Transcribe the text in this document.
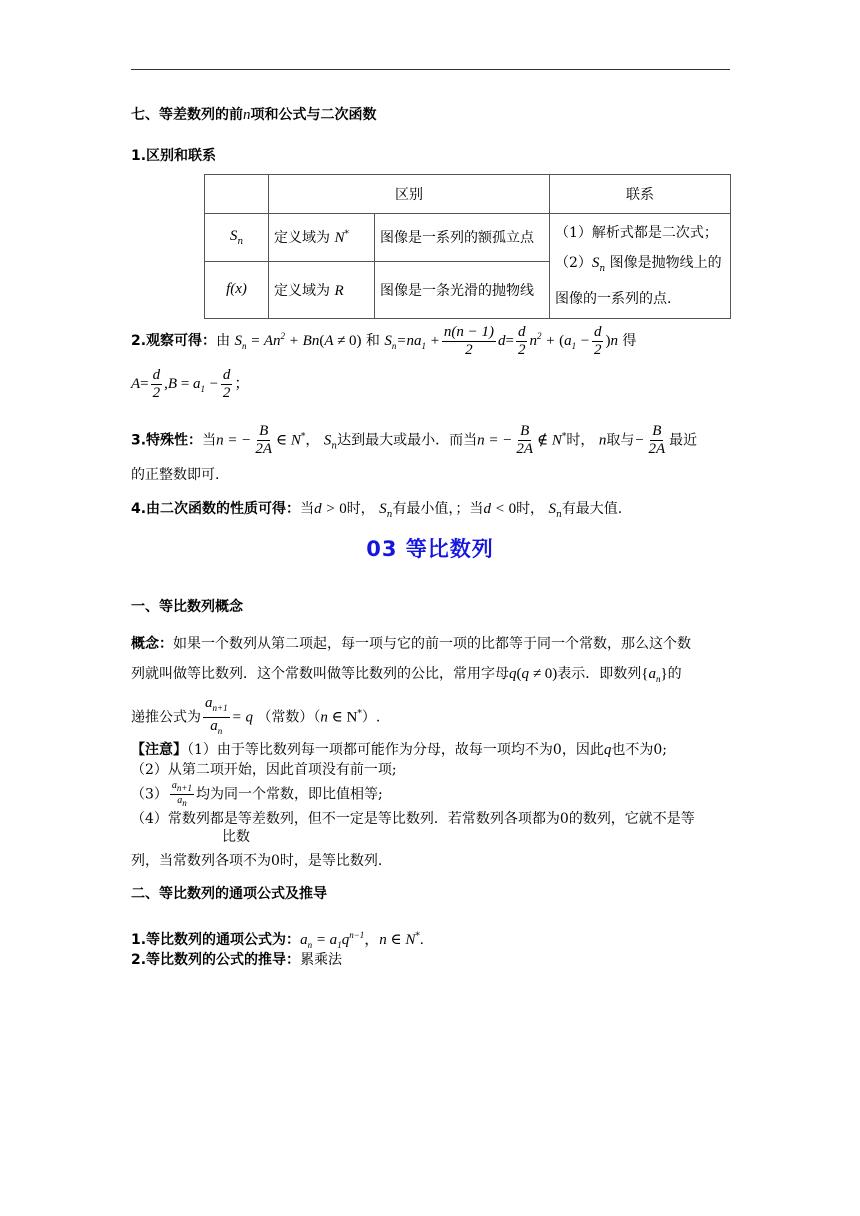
七、等差数列的前n项和公式与二次函数
1.区别和联系
	区别		联系
$S_n$	定义域为 N*	图像是一系列的额孤立点	（1）解析式都是二次式；
$(2)S_n$ 图像是抛物线上的
图像的一系列的点.

f(x)	定义域为 R	图像是一条光滑的抛物线	
2.观察可得：由 $S_n = An^2 + Bn(A \ne 0)$ 和 $S_n=na_1 + \frac{n(n - 1)}{2} d= \frac{d}{2} n^2 + (a_1 - \frac{d}{2} )n$ 得
$A= \frac{d}{2} ,B = a_1 - \frac{d}{2}$ ；
3.特殊性：当n = − $\frac{B}{2A}$ ∈ N*， $S_n$达到最大或最小．而当n = − $\frac{B}{2A}$ ∉ N*时， n取与− $\frac{B}{2A}$ 最近
的正整数即可.
4.由二次函数的性质可得：当d > 0时， $S_n$有最小值，；当d < 0时， $S_n$有最大值.
03 等比数列
一、等比数列概念
概念：如果一个数列从第二项起，每一项与它的前一项的比都等于同一个常数，那么这个数
列就叫做等比数列．这个常数叫做等比数列的公比，常用字母q(q ≠ 0)表示．即数列$\{a_n\}$的
递推公式为 $\frac{a_{n+1}}{a_n} = q$ （常数）（n ∈ N*）.
【注意】（1）由于等比数列每一项都可能作为分母，故每一项均不为0，因此q也不为0;
（2）从第二项开始，因此首项没有前一项;
$(3) \frac{a_{n+1}}{a_n}$ 均为同一个常数，即比值相等;
（4）常数列都是等差数列，但不一定是等比数列．若常数列各项都为0的数列，它就不是等
比数
列，当常数列各项不为0时，是等比数列.
二、等比数列的通项公式及推导
1.等比数列的通项公式为：$a_n = a_1q^{n-1}$，n ∈ N*.
2.等比数列的公式的推导：累乘法
